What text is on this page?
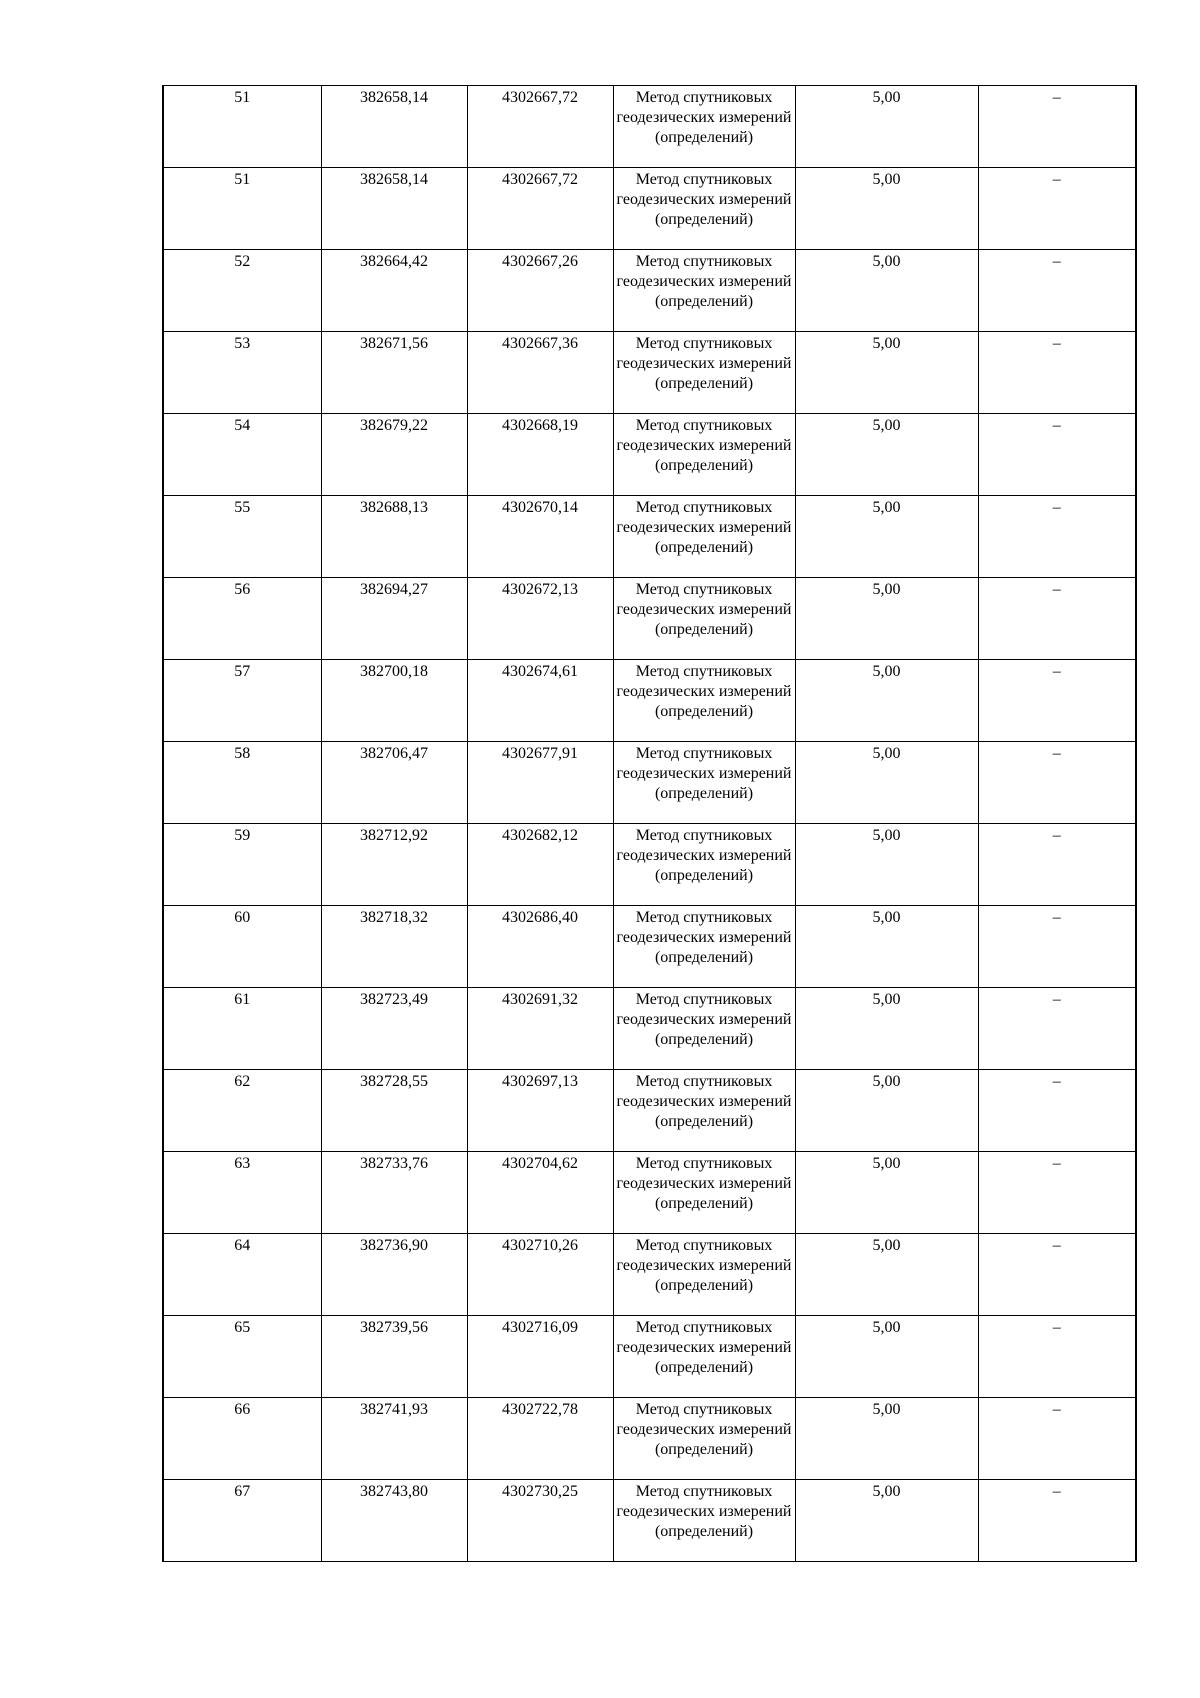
51	382658,14	4302667,72	Метод спутниковых геодезических измерений (определений)	5,00	–
51	382658,14	4302667,72	Метод спутниковых геодезических измерений (определений)	5,00	–
52	382664,42	4302667,26	Метод спутниковых геодезических измерений (определений)	5,00	–
53	382671,56	4302667,36	Метод спутниковых геодезических измерений (определений)	5,00	–
54	382679,22	4302668,19	Метод спутниковых геодезических измерений (определений)	5,00	–
55	382688,13	4302670,14	Метод спутниковых геодезических измерений (определений)	5,00	–
56	382694,27	4302672,13	Метод спутниковых геодезических измерений (определений)	5,00	–
57	382700,18	4302674,61	Метод спутниковых геодезических измерений (определений)	5,00	–
58	382706,47	4302677,91	Метод спутниковых геодезических измерений (определений)	5,00	–
59	382712,92	4302682,12	Метод спутниковых геодезических измерений (определений)	5,00	–
60	382718,32	4302686,40	Метод спутниковых геодезических измерений (определений)	5,00	–
61	382723,49	4302691,32	Метод спутниковых геодезических измерений (определений)	5,00	–
62	382728,55	4302697,13	Метод спутниковых геодезических измерений (определений)	5,00	–
63	382733,76	4302704,62	Метод спутниковых геодезических измерений (определений)	5,00	–
64	382736,90	4302710,26	Метод спутниковых геодезических измерений (определений)	5,00	–
65	382739,56	4302716,09	Метод спутниковых геодезических измерений (определений)	5,00	–
66	382741,93	4302722,78	Метод спутниковых геодезических измерений (определений)	5,00	–
67	382743,80	4302730,25	Метод спутниковых геодезических измерений (определений)	5,00	–
